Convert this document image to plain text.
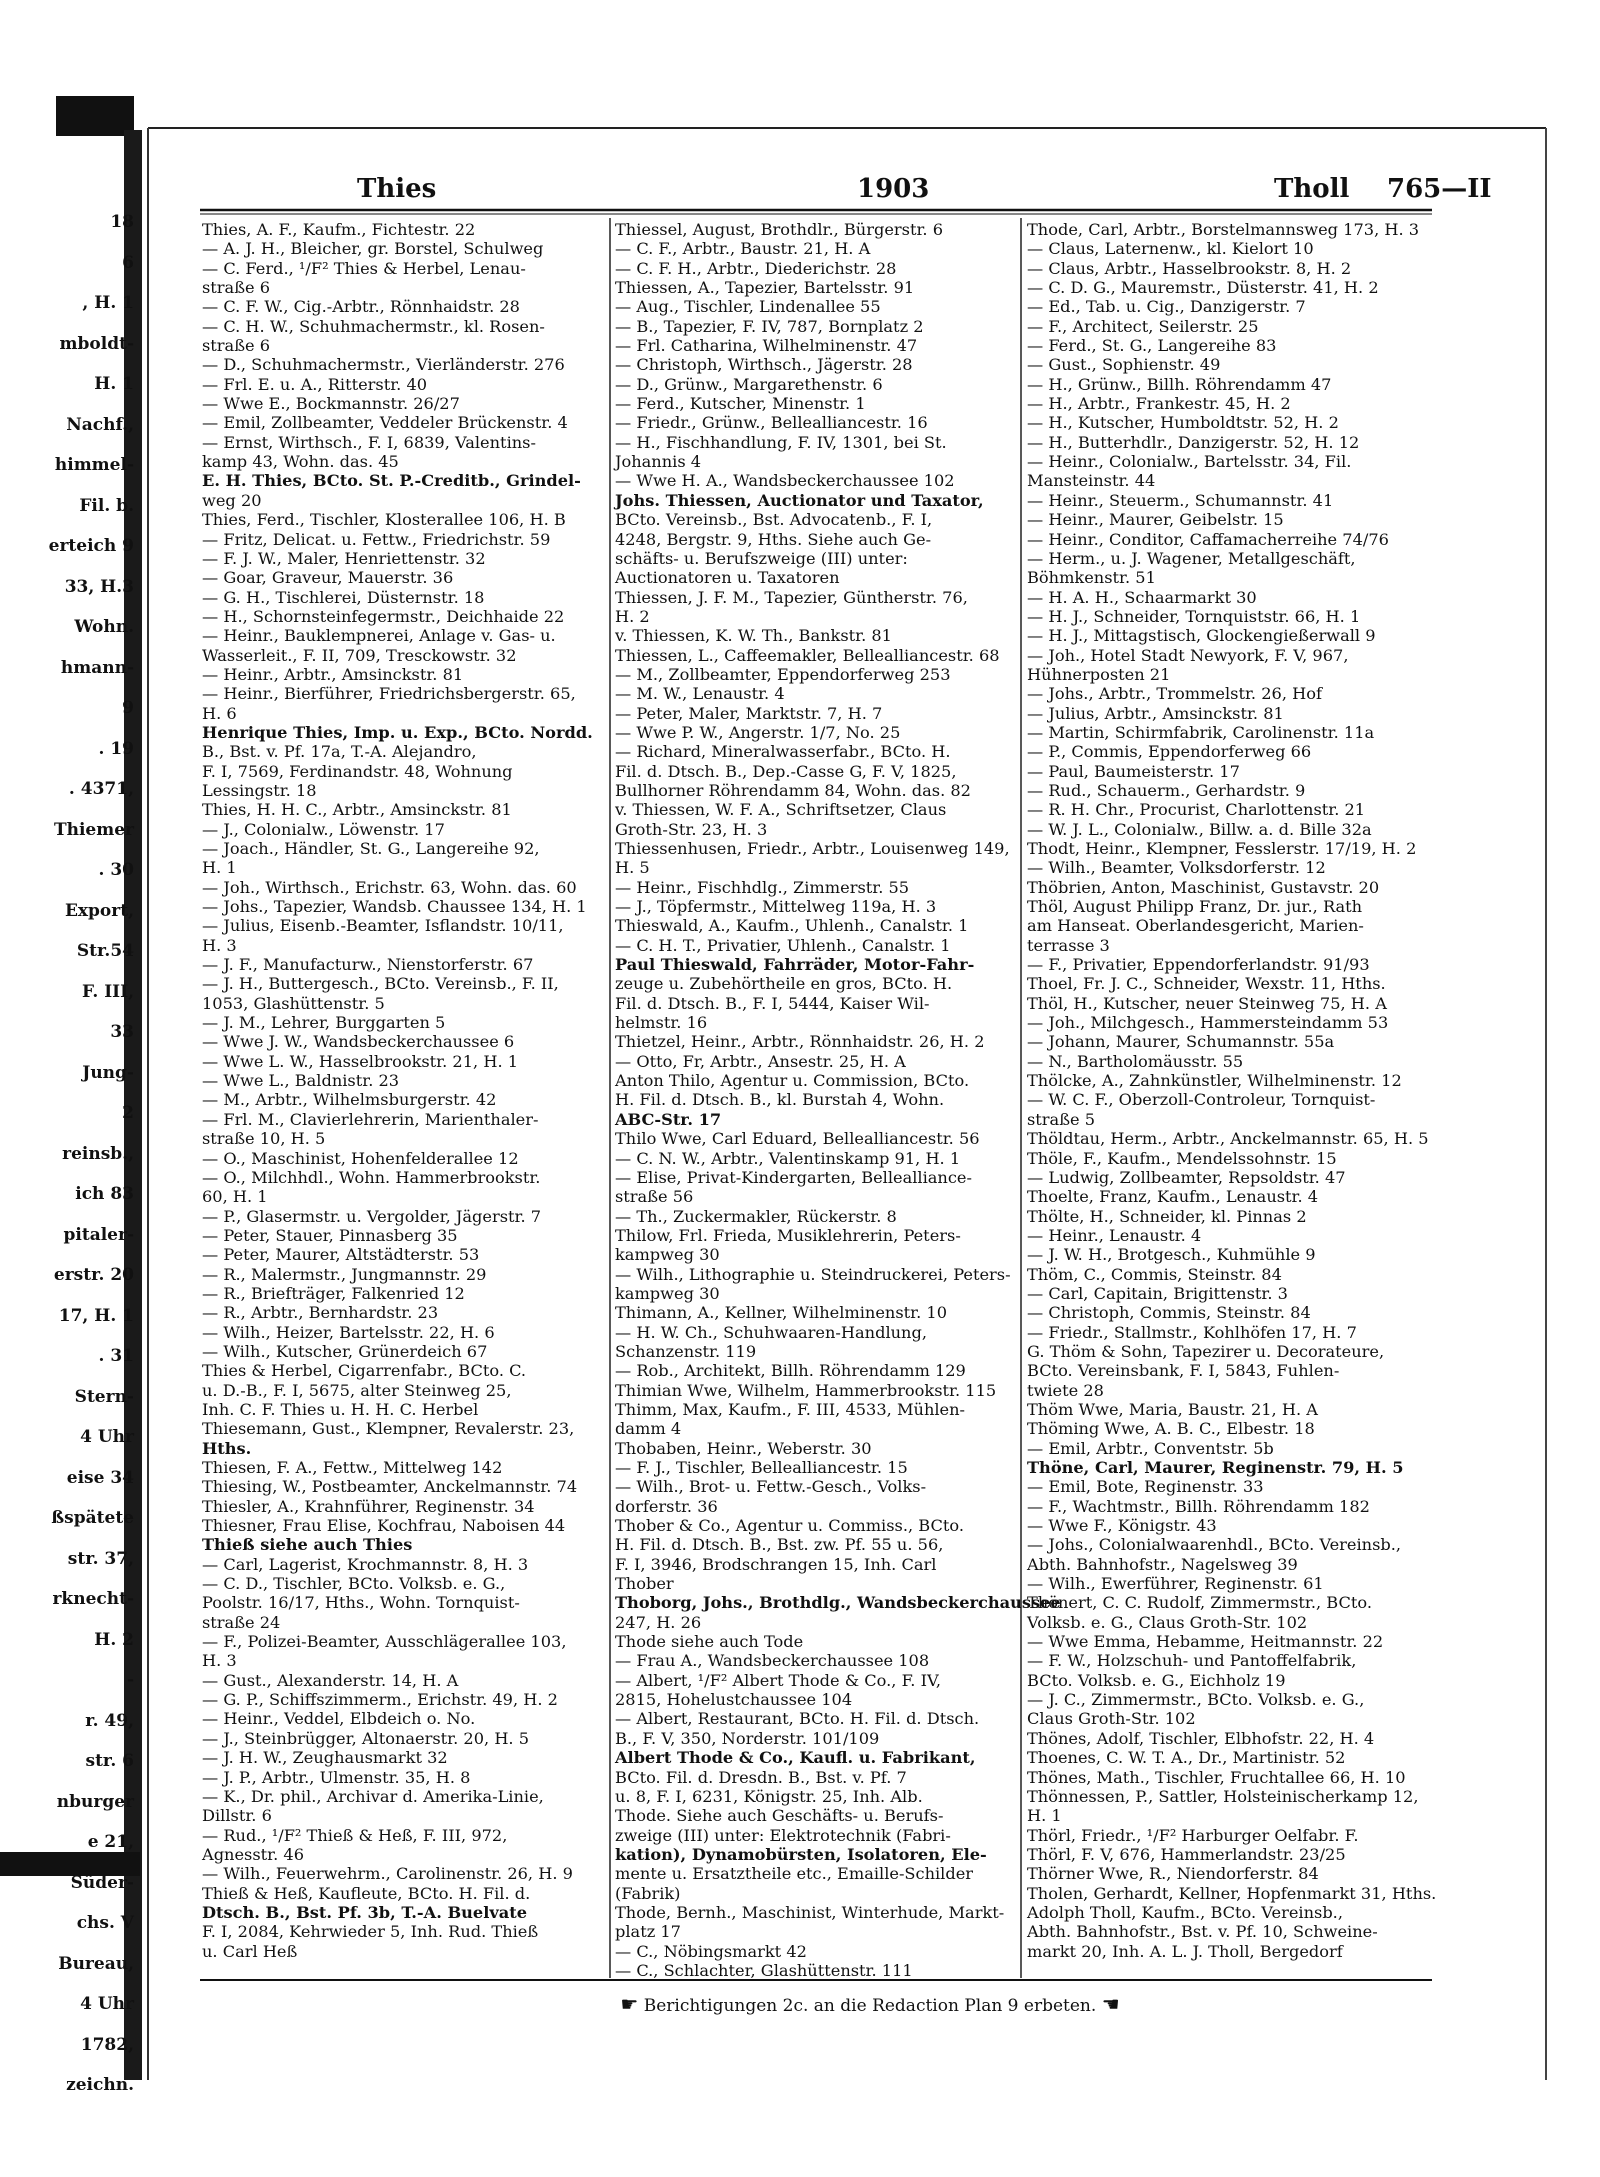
18
6
, H. 1
mboldt-
H. 1
Nachf.,
himmel-
Fil. b.
erteich 9
33, H.3
Wohn.
hmann-
9
. 19
. 4371,
Thiemer
. 30
Export,
Str.54
F. III,
33
Jung-
2
reinsb.,
ich 83
pitaler-
erstr. 20
17, H. 1
. 31
Stern-
4 Uhr
eise 34
ßspätete
str. 37,
rknecht-
H. 2
-
r. 49,
str. 6
nburger
e 21,
Süder-
chs. V
Bureau,
4 Uhr
1782,
zeichn.
Thies	1903	Tholl 765—II
Thies, A. F., Kaufm., Fichtestr. 22
— A. J. H., Bleicher, gr. Borstel, Schulweg
— C. Ferd., ¹/F² Thies & Herbel, Lenau-
straße 6
— C. F. W., Cig.-Arbtr., Rönnhaidstr. 28
— C. H. W., Schuhmachermstr., kl. Rosen-
straße 6
— D., Schuhmachermstr., Vierländerstr. 276
— Frl. E. u. A., Ritterstr. 40
— Wwe E., Bockmannstr. 26/27
— Emil, Zollbeamter, Veddeler Brückenstr. 4
— Ernst, Wirthsch., F. I, 6839, Valentins-
kamp 43, Wohn. das. 45
E. H. Thies, BCto. St. P.-Creditb., Grindel-
weg 20
Thies, Ferd., Tischler, Klosterallee 106, H. B
— Fritz, Delicat. u. Fettw., Friedrichstr. 59
— F. J. W., Maler, Henriettenstr. 32
— Goar, Graveur, Mauerstr. 36
— G. H., Tischlerei, Düsternstr. 18
— H., Schornsteinfegermstr., Deichhaide 22
— Heinr., Bauklempnerei, Anlage v. Gas- u.
Wasserleit., F. II, 709, Tresckowstr. 32
— Heinr., Arbtr., Amsinckstr. 81
— Heinr., Bierführer, Friedrichsbergerstr. 65,
H. 6
Henrique Thies, Imp. u. Exp., BCto. Nordd.
B., Bst. v. Pf. 17a, T.-A. Alejandro,
F. I, 7569, Ferdinandstr. 48, Wohnung
Lessingstr. 18
Thies, H. H. C., Arbtr., Amsinckstr. 81
— J., Colonialw., Löwenstr. 17
— Joach., Händler, St. G., Langereihe 92,
H. 1
— Joh., Wirthsch., Erichstr. 63, Wohn. das. 60
— Johs., Tapezier, Wandsb. Chaussee 134, H. 1
— Julius, Eisenb.-Beamter, Isflandstr. 10/11,
H. 3
— J. F., Manufacturw., Nienstorferstr. 67
— J. H., Buttergesch., BCto. Vereinsb., F. II,
1053, Glashüttenstr. 5
— J. M., Lehrer, Burggarten 5
— Wwe J. W., Wandsbeckerchaussee 6
— Wwe L. W., Hasselbrookstr. 21, H. 1
— Wwe L., Baldnistr. 23
— M., Arbtr., Wilhelmsburgerstr. 42
— Frl. M., Clavierlehrerin, Marienthaler-
straße 10, H. 5
— O., Maschinist, Hohenfelderallee 12
— O., Milchhdl., Wohn. Hammerbrookstr.
60, H. 1
— P., Glasermstr. u. Vergolder, Jägerstr. 7
— Peter, Stauer, Pinnasberg 35
— Peter, Maurer, Altstädterstr. 53
— R., Malermstr., Jungmannstr. 29
— R., Briefträger, Falkenried 12
— R., Arbtr., Bernhardstr. 23
— Wilh., Heizer, Bartelsstr. 22, H. 6
— Wilh., Kutscher, Grünerdeich 67
Thies & Herbel, Cigarrenfabr., BCto. C.
u. D.-B., F. I, 5675, alter Steinweg 25,
Inh. C. F. Thies u. H. H. C. Herbel
Thiesemann, Gust., Klempner, Revalerstr. 23,
Hths.
Thiesen, F. A., Fettw., Mittelweg 142
Thiesing, W., Postbeamter, Anckelmannstr. 74
Thiesler, A., Krahnführer, Reginenstr. 34
Thiesner, Frau Elise, Kochfrau, Naboisen 44
Thieß siehe auch Thies
— Carl, Lagerist, Krochmannstr. 8, H. 3
— C. D., Tischler, BCto. Volksb. e. G.,
Poolstr. 16/17, Hths., Wohn. Tornquist-
straße 24
— F., Polizei-Beamter, Ausschlägerallee 103,
H. 3
— Gust., Alexanderstr. 14, H. A
— G. P., Schiffszimmerm., Erichstr. 49, H. 2
— Heinr., Veddel, Elbdeich o. No.
— J., Steinbrügger, Altonaerstr. 20, H. 5
— J. H. W., Zeughausmarkt 32
— J. P., Arbtr., Ulmenstr. 35, H. 8
— K., Dr. phil., Archivar d. Amerika-Linie,
Dillstr. 6
— Rud., ¹/F² Thieß & Heß, F. III, 972,
Agnesstr. 46
— Wilh., Feuerwehrm., Carolinenstr. 26, H. 9
Thieß & Heß, Kaufleute, BCto. H. Fil. d.
Dtsch. B., Bst. Pf. 3b, T.-A. Buelvate
F. I, 2084, Kehrwieder 5, Inh. Rud. Thieß
u. Carl Heß
Thiessel, August, Brothdlr., Bürgerstr. 6
— C. F., Arbtr., Baustr. 21, H. A
— C. F. H., Arbtr., Diederichstr. 28
Thiessen, A., Tapezier, Bartelsstr. 91
— Aug., Tischler, Lindenallee 55
— B., Tapezier, F. IV, 787, Bornplatz 2
— Frl. Catharina, Wilhelminenstr. 47
— Christoph, Wirthsch., Jägerstr. 28
— D., Grünw., Margarethenstr. 6
— Ferd., Kutscher, Minenstr. 1
— Friedr., Grünw., Bellealliancestr. 16
— H., Fischhandlung, F. IV, 1301, bei St.
Johannis 4
— Wwe H. A., Wandsbeckerchaussee 102
Johs. Thiessen, Auctionator und Taxator,
BCto. Vereinsb., Bst. Advocatenb., F. I,
4248, Bergstr. 9, Hths. Siehe auch Ge-
schäfts- u. Berufszweige (III) unter:
Auctionatoren u. Taxatoren
Thiessen, J. F. M., Tapezier, Güntherstr. 76,
H. 2
v. Thiessen, K. W. Th., Bankstr. 81
Thiessen, L., Caffeemakler, Bellealliancestr. 68
— M., Zollbeamter, Eppendorferweg 253
— M. W., Lenaustr. 4
— Peter, Maler, Marktstr. 7, H. 7
— Wwe P. W., Angerstr. 1/7, No. 25
— Richard, Mineralwasserfabr., BCto. H.
Fil. d. Dtsch. B., Dep.-Casse G, F. V, 1825,
Bullhorner Röhrendamm 84, Wohn. das. 82
v. Thiessen, W. F. A., Schriftsetzer, Claus
Groth-Str. 23, H. 3
Thiessenhusen, Friedr., Arbtr., Louisenweg 149,
H. 5
— Heinr., Fischhdlg., Zimmerstr. 55
— J., Töpfermstr., Mittelweg 119a, H. 3
Thieswald, A., Kaufm., Uhlenh., Canalstr. 1
— C. H. T., Privatier, Uhlenh., Canalstr. 1
Paul Thieswald, Fahrräder, Motor-Fahr-
zeuge u. Zubehörtheile en gros, BCto. H.
Fil. d. Dtsch. B., F. I, 5444, Kaiser Wil-
helmstr. 16
Thietzel, Heinr., Arbtr., Rönnhaidstr. 26, H. 2
— Otto, Fr, Arbtr., Ansestr. 25, H. A
Anton Thilo, Agentur u. Commission, BCto.
H. Fil. d. Dtsch. B., kl. Burstah 4, Wohn.
ABC-Str. 17
Thilo Wwe, Carl Eduard, Bellealliancestr. 56
— C. N. W., Arbtr., Valentinskamp 91, H. 1
— Elise, Privat-Kindergarten, Bellealliance-
straße 56
— Th., Zuckermakler, Rückerstr. 8
Thilow, Frl. Frieda, Musiklehrerin, Peters-
kampweg 30
— Wilh., Lithographie u. Steindruckerei, Peters-
kampweg 30
Thimann, A., Kellner, Wilhelminenstr. 10
— H. W. Ch., Schuhwaaren-Handlung,
Schanzenstr. 119
— Rob., Architekt, Billh. Röhrendamm 129
Thimian Wwe, Wilhelm, Hammerbrookstr. 115
Thimm, Max, Kaufm., F. III, 4533, Mühlen-
damm 4
Thobaben, Heinr., Weberstr. 30
— F. J., Tischler, Bellealliancestr. 15
— Wilh., Brot- u. Fettw.-Gesch., Volks-
dorferstr. 36
Thober & Co., Agentur u. Commiss., BCto.
H. Fil. d. Dtsch. B., Bst. zw. Pf. 55 u. 56,
F. I, 3946, Brodschrangen 15, Inh. Carl
Thober
Thoborg, Johs., Brothdlg., Wandsbeckerchaussee
247, H. 26
Thode siehe auch Tode
— Frau A., Wandsbeckerchaussee 108
— Albert, ¹/F² Albert Thode & Co., F. IV,
2815, Hohelustchaussee 104
— Albert, Restaurant, BCto. H. Fil. d. Dtsch.
B., F. V, 350, Norderstr. 101/109
Albert Thode & Co., Kaufl. u. Fabrikant,
BCto. Fil. d. Dresdn. B., Bst. v. Pf. 7
u. 8, F. I, 6231, Königstr. 25, Inh. Alb.
Thode. Siehe auch Geschäfts- u. Berufs-
zweige (III) unter: Elektrotechnik (Fabri-
kation), Dynamobürsten, Isolatoren, Ele-
mente u. Ersatztheile etc., Emaille-Schilder
(Fabrik)
Thode, Bernh., Maschinist, Winterhude, Markt-
platz 17
— C., Nöbingsmarkt 42
— C., Schlachter, Glashüttenstr. 111
Thode, Carl, Arbtr., Borstelmannsweg 173, H. 3
— Claus, Laternenw., kl. Kielort 10
— Claus, Arbtr., Hasselbrookstr. 8, H. 2
— C. D. G., Mauremstr., Düsterstr. 41, H. 2
— Ed., Tab. u. Cig., Danzigerstr. 7
— F., Architect, Seilerstr. 25
— Ferd., St. G., Langereihe 83
— Gust., Sophienstr. 49
— H., Grünw., Billh. Röhrendamm 47
— H., Arbtr., Frankestr. 45, H. 2
— H., Kutscher, Humboldtstr. 52, H. 2
— H., Butterhdlr., Danzigerstr. 52, H. 12
— Heinr., Colonialw., Bartelsstr. 34, Fil.
Mansteinstr. 44
— Heinr., Steuerm., Schumannstr. 41
— Heinr., Maurer, Geibelstr. 15
— Heinr., Conditor, Caffamacherreihe 74/76
— Herm., u. J. Wagener, Metallgeschäft,
Böhmkenstr. 51
— H. A. H., Schaarmarkt 30
— H. J., Schneider, Tornquiststr. 66, H. 1
— H. J., Mittagstisch, Glockengießerwall 9
— Joh., Hotel Stadt Newyork, F. V, 967,
Hühnerposten 21
— Johs., Arbtr., Trommelstr. 26, Hof
— Julius, Arbtr., Amsinckstr. 81
— Martin, Schirmfabrik, Carolinenstr. 11a
— P., Commis, Eppendorferweg 66
— Paul, Baumeisterstr. 17
— Rud., Schauerm., Gerhardstr. 9
— R. H. Chr., Procurist, Charlottenstr. 21
— W. J. L., Colonialw., Billw. a. d. Bille 32a
Thodt, Heinr., Klempner, Fesslerstr. 17/19, H. 2
— Wilh., Beamter, Volksdorferstr. 12
Thöbrien, Anton, Maschinist, Gustavstr. 20
Thöl, August Philipp Franz, Dr. jur., Rath
am Hanseat. Oberlandesgericht, Marien-
terrasse 3
— F., Privatier, Eppendorferlandstr. 91/93
Thoel, Fr. J. C., Schneider, Wexstr. 11, Hths.
Thöl, H., Kutscher, neuer Steinweg 75, H. A
— Joh., Milchgesch., Hammersteindamm 53
— Johann, Maurer, Schumannstr. 55a
— N., Bartholomäusstr. 55
Thölcke, A., Zahnkünstler, Wilhelminenstr. 12
— W. C. F., Oberzoll-Controleur, Tornquist-
straße 5
Thöldtau, Herm., Arbtr., Anckelmannstr. 65, H. 5
Thöle, F., Kaufm., Mendelssohnstr. 15
— Ludwig, Zollbeamter, Repsoldstr. 47
Thoelte, Franz, Kaufm., Lenaustr. 4
Thölte, H., Schneider, kl. Pinnas 2
— Heinr., Lenaustr. 4
— J. W. H., Brotgesch., Kuhmühle 9
Thöm, C., Commis, Steinstr. 84
— Carl, Capitain, Brigittenstr. 3
— Christoph, Commis, Steinstr. 84
— Friedr., Stallmstr., Kohlhöfen 17, H. 7
G. Thöm & Sohn, Tapezirer u. Decorateure,
BCto. Vereinsbank, F. I, 5843, Fuhlen-
twiete 28
Thöm Wwe, Maria, Baustr. 21, H. A
Thöming Wwe, A. B. C., Elbestr. 18
— Emil, Arbtr., Conventstr. 5b
Thöne, Carl, Maurer, Reginenstr. 79, H. 5
— Emil, Bote, Reginenstr. 33
— F., Wachtmstr., Billh. Röhrendamm 182
— Wwe F., Königstr. 43
— Johs., Colonialwaarenhdl., BCto. Vereinsb.,
Abth. Bahnhofstr., Nagelsweg 39
— Wilh., Ewerführer, Reginenstr. 61
Thönert, C. C. Rudolf, Zimmermstr., BCto.
Volksb. e. G., Claus Groth-Str. 102
— Wwe Emma, Hebamme, Heitmannstr. 22
— F. W., Holzschuh- und Pantoffelfabrik,
BCto. Volksb. e. G., Eichholz 19
— J. C., Zimmermstr., BCto. Volksb. e. G.,
Claus Groth-Str. 102
Thönes, Adolf, Tischler, Elbhofstr. 22, H. 4
Thoenes, C. W. T. A., Dr., Martinistr. 52
Thönes, Math., Tischler, Fruchtallee 66, H. 10
Thönnessen, P., Sattler, Holsteinischerkamp 12,
H. 1
Thörl, Friedr., ¹/F² Harburger Oelfabr. F.
Thörl, F. V, 676, Hammerlandstr. 23/25
Thörner Wwe, R., Niendorferstr. 84
Tholen, Gerhardt, Kellner, Hopfenmarkt 31, Hths.
Adolph Tholl, Kaufm., BCto. Vereinsb.,
Abth. Bahnhofstr., Bst. v. Pf. 10, Schweine-
markt 20, Inh. A. L. J. Tholl, Bergedorf
☛ Berichtigungen 2c. an die Redaction Plan 9 erbeten. ☚
